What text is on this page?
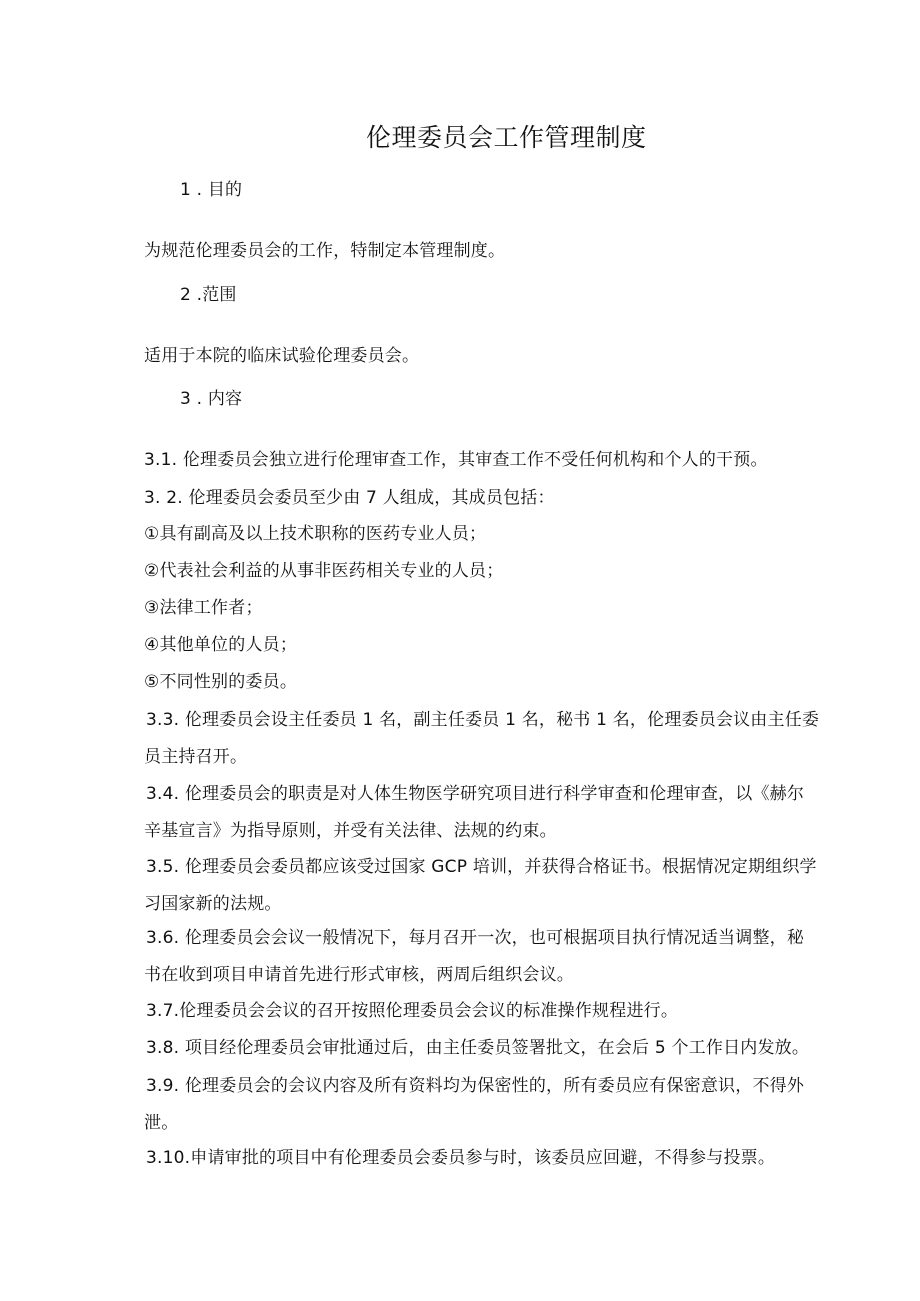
伦理委员会工作管理制度
1 . 目的
为规范伦理委员会的工作，特制定本管理制度。
2 .范围
适用于本院的临床试验伦理委员会。
3 . 内容
3.1. 伦理委员会独立进行伦理审查工作，其审查工作不受任何机构和个人的干预。
3. 2. 伦理委员会委员至少由 7 人组成，其成员包括：
①具有副高及以上技术职称的医药专业人员；
②代表社会利益的从事非医药相关专业的人员；
③法律工作者；
④其他单位的人员；
⑤不同性别的委员。
3.3. 伦理委员会设主任委员 1 名，副主任委员 1 名，秘书 1 名，伦理委员会议由主任委
员主持召开。
3.4. 伦理委员会的职责是对人体生物医学研究项目进行科学审查和伦理审查，以《赫尔
辛基宣言》为指导原则，并受有关法律、法规的约束。
3.5. 伦理委员会委员都应该受过国家 GCP 培训，并获得合格证书。根据情况定期组织学
习国家新的法规。
3.6. 伦理委员会会议一般情况下，每月召开一次，也可根据项目执行情况适当调整，秘
书在收到项目申请首先进行形式审核，两周后组织会议。
3.7.伦理委员会会议的召开按照伦理委员会会议的标准操作规程进行。
3.8. 项目经伦理委员会审批通过后，由主任委员签署批文，在会后 5 个工作日内发放。
3.9. 伦理委员会的会议内容及所有资料均为保密性的，所有委员应有保密意识，不得外
泄。
3.10.申请审批的项目中有伦理委员会委员参与时，该委员应回避，不得参与投票。
